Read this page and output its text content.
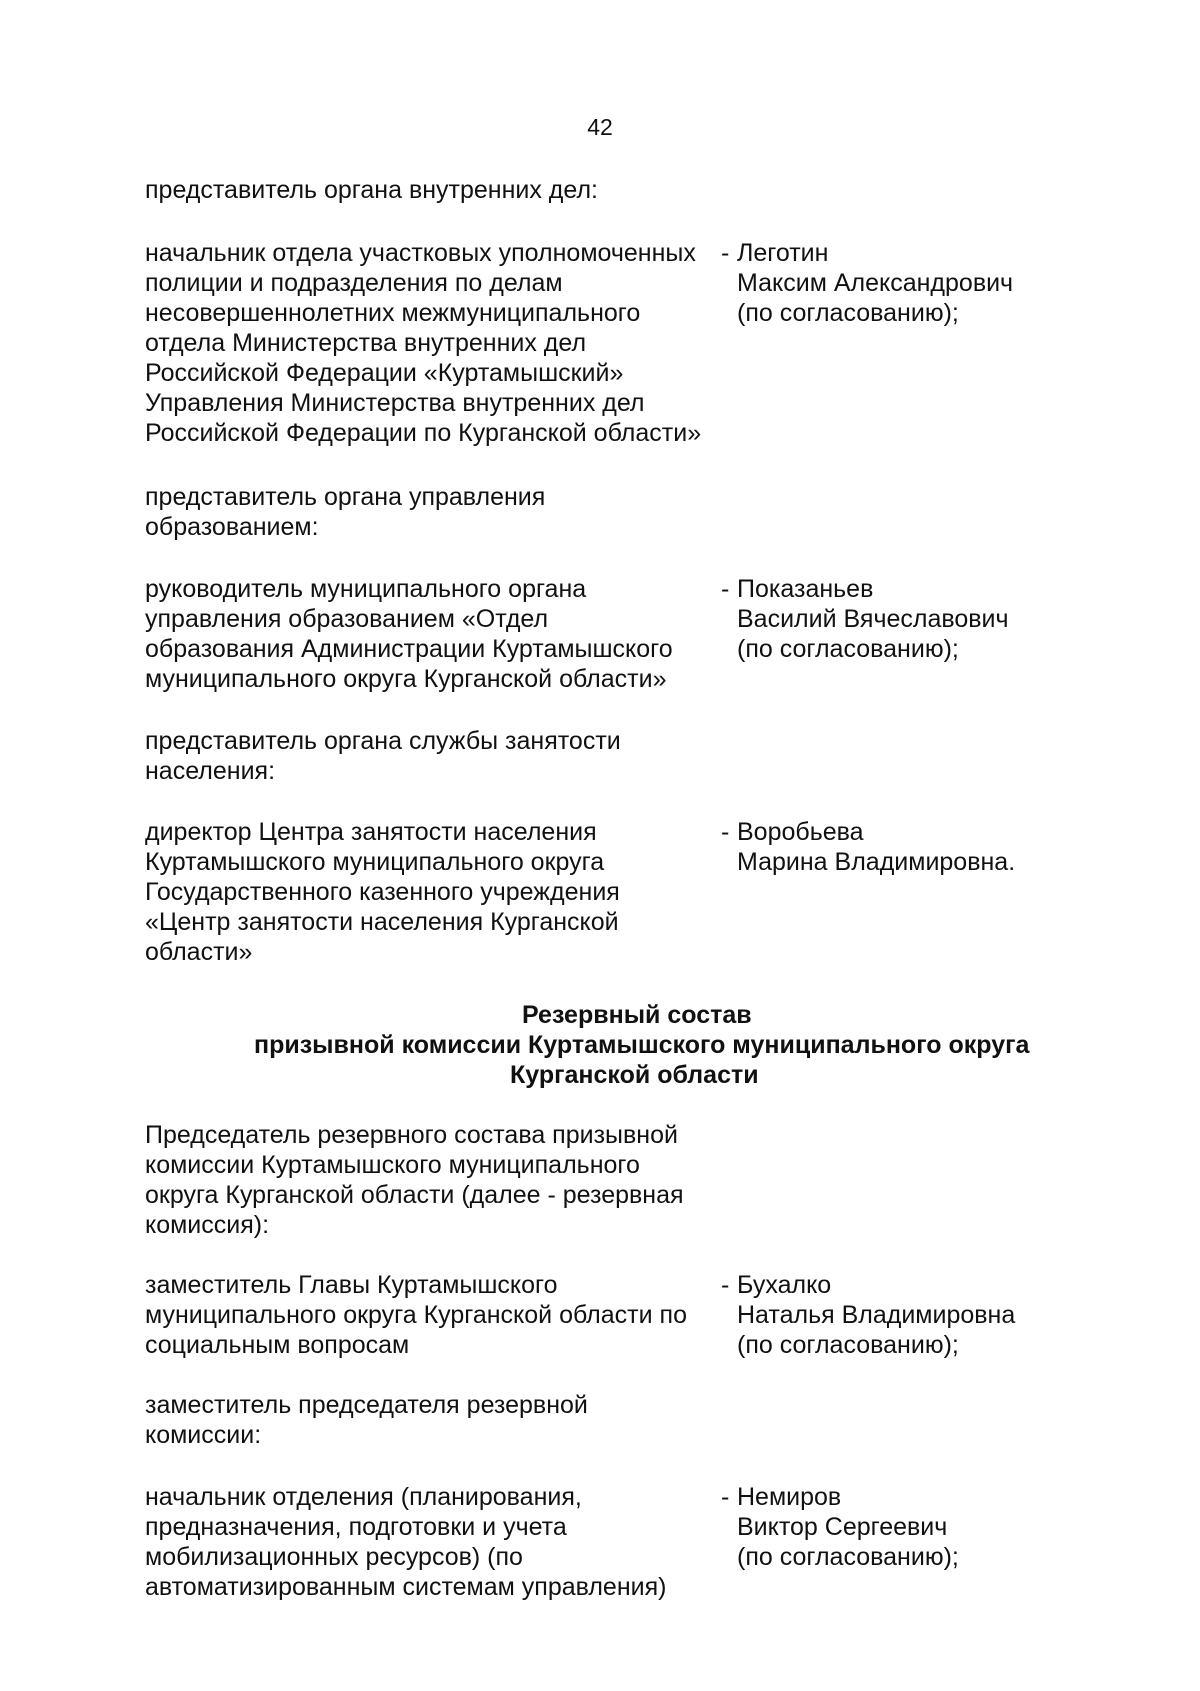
42
представитель органа внутренних дел:
начальник отдела участковых уполномоченных
полиции и подразделения по делам
несовершеннолетних межмуниципального
отдела Министерства внутренних дел
Российской Федерации «Куртамышский»
Управления Министерства внутренних дел
Российской Федерации по Курганской области»
- Леготин
Максим Александрович
(по согласованию);
представитель органа управления
образованием:
руководитель муниципального органа
управления образованием «Отдел
образования Администрации Куртамышского
муниципального округа Курганской области»
- Показаньев
Василий Вячеславович
(по согласованию);
представитель органа службы занятости
населения:
директор Центра занятости населения
Куртамышского муниципального округа
Государственного казенного учреждения
«Центр занятости населения Курганской
области»
- Воробьева
Марина Владимировна.
Резервный состав
призывной комиссии Куртамышского муниципального округа
Курганской области
Председатель резервного состава призывной
комиссии Куртамышского муниципального
округа Курганской области (далее - резервная
комиссия):
заместитель Главы Куртамышского
муниципального округа Курганской области по
социальным вопросам
- Бухалко
Наталья Владимировна
(по согласованию);
заместитель председателя резервной
комиссии:
начальник отделения (планирования,
предназначения, подготовки и учета
мобилизационных ресурсов) (по
автоматизированным системам управления)
- Немиров
Виктор Сергеевич
(по согласованию);
